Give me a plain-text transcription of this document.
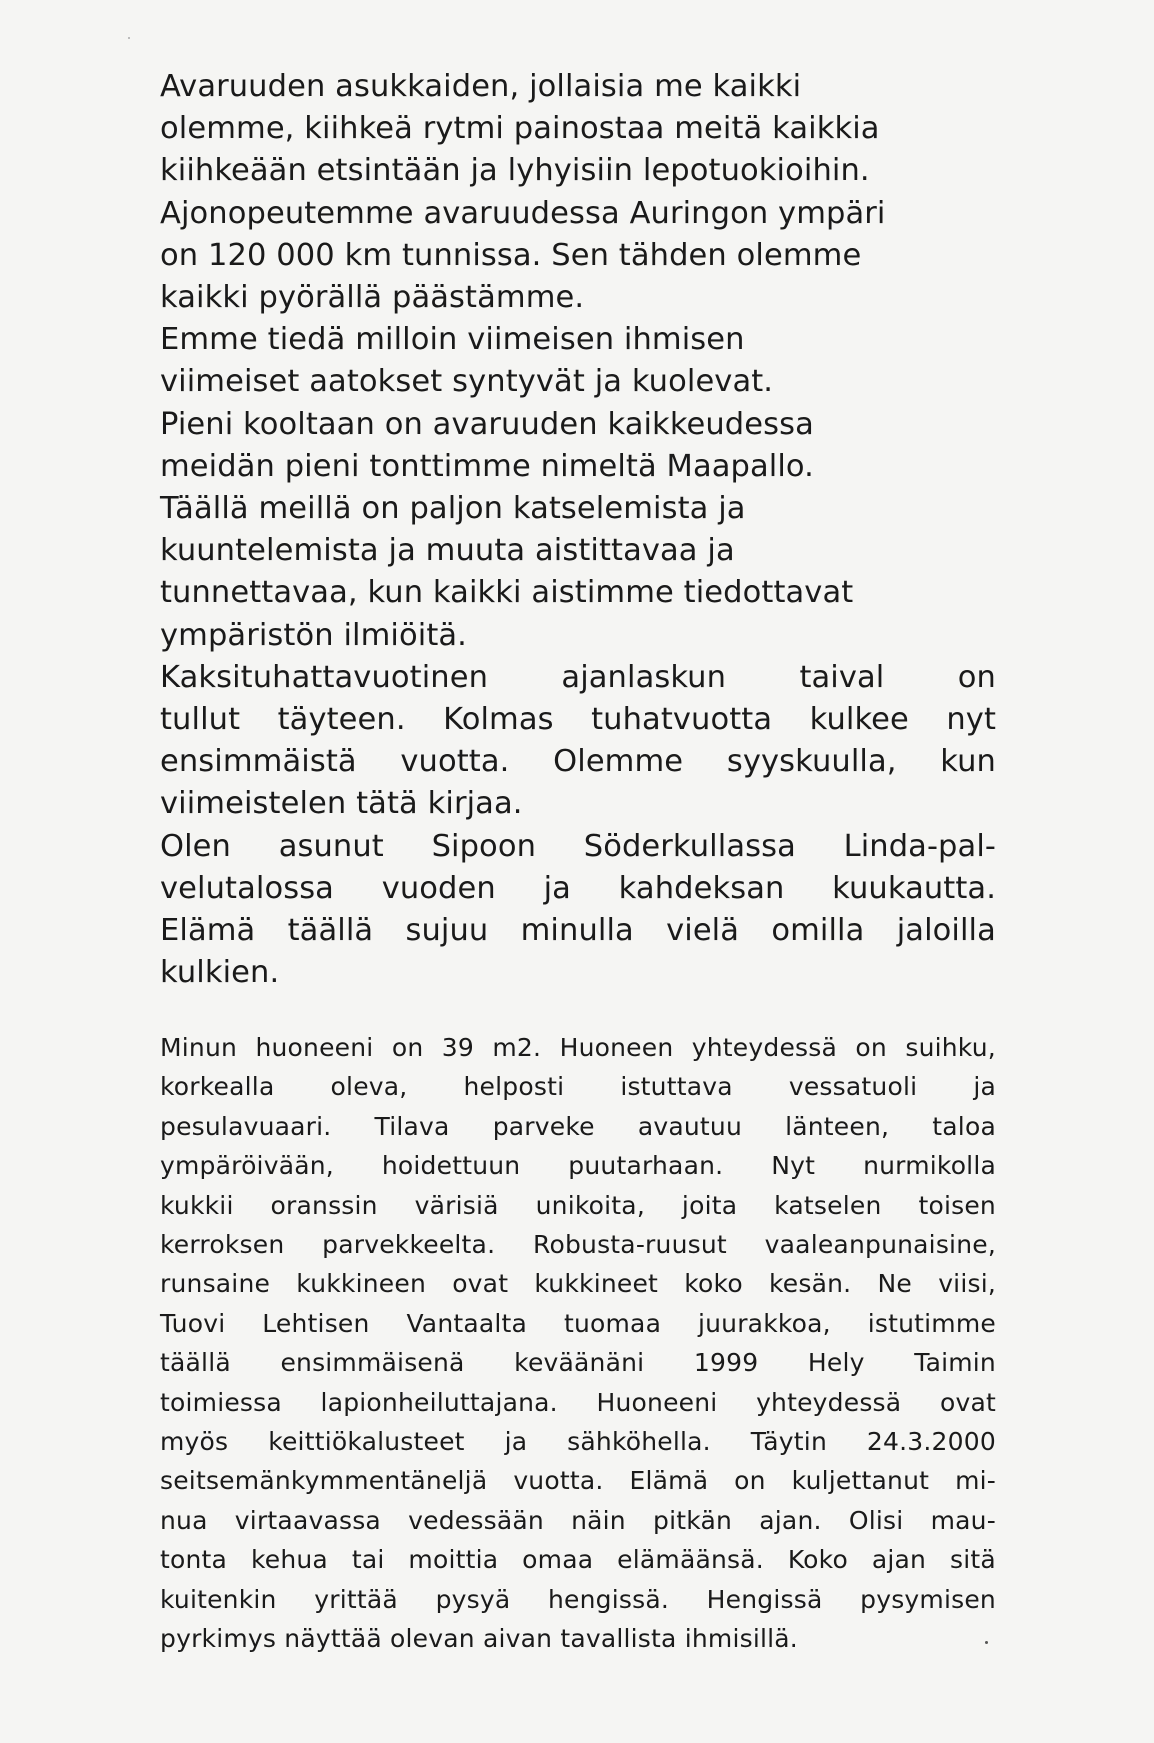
Avaruuden asukkaiden, jollaisia me kaikki
olemme, kiihkeä rytmi painostaa meitä kaikkia
kiihkeään etsintään ja lyhyisiin lepotuokioihin.
Ajonopeutemme avaruudessa Auringon ympäri
on 120 000 km tunnissa. Sen tähden olemme
kaikki pyörällä päästämme.
Emme tiedä milloin viimeisen ihmisen
viimeiset aatokset syntyvät ja kuolevat.
Pieni kooltaan on avaruuden kaikkeudessa
meidän pieni tonttimme nimeltä Maapallo.
Täällä meillä on paljon katselemista ja
kuuntelemista ja muuta aistittavaa ja
tunnettavaa, kun kaikki aistimme tiedottavat
ympäristön ilmiöitä.
Kaksituhattavuotinen ajanlaskun taival on
tullut täyteen. Kolmas tuhatvuotta kulkee nyt
ensimmäistä vuotta. Olemme syyskuulla, kun
viimeistelen tätä kirjaa.
Olen asunut Sipoon Söderkullassa Linda-pal-
velutalossa vuoden ja kahdeksan kuukautta.
Elämä täällä sujuu minulla vielä omilla jaloilla
kulkien.
Minun huoneeni on 39 m2. Huoneen yhteydessä on suihku,
korkealla oleva, helposti istuttava vessatuoli ja
pesulavuaari. Tilava parveke avautuu länteen, taloa
ympäröivään, hoidettuun puutarhaan. Nyt nurmikolla
kukkii oranssin värisiä unikoita, joita katselen toisen
kerroksen parvekkeelta. Robusta-ruusut vaaleanpunaisine,
runsaine kukkineen ovat kukkineet koko kesän. Ne viisi,
Tuovi Lehtisen Vantaalta tuomaa juurakkoa, istutimme
täällä ensimmäisenä keväänäni 1999 Hely Taimin
toimiessa lapionheiluttajana. Huoneeni yhteydessä ovat
myös keittiökalusteet ja sähköhella. Täytin 24.3.2000
seitsemänkymmentäneljä vuotta. Elämä on kuljettanut mi-
nua virtaavassa vedessään näin pitkän ajan. Olisi mau-
tonta kehua tai moittia omaa elämäänsä. Koko ajan sitä
kuitenkin yrittää pysyä hengissä. Hengissä pysymisen
pyrkimys näyttää olevan aivan tavallista ihmisillä.
